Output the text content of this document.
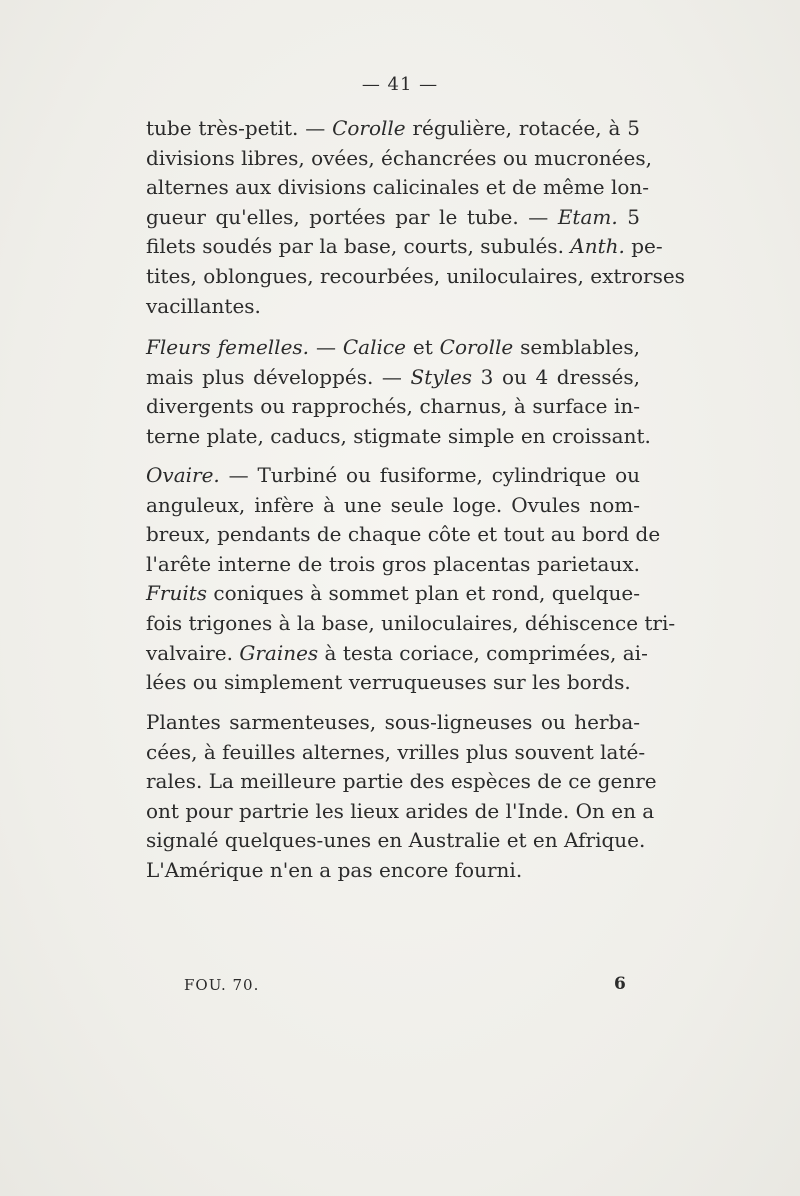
— 41 —
tube très-petit. — Corolle régulière, rotacée, à 5
divisions libres, ovées, échancrées ou mucronées,
alternes aux divisions calicinales et de même lon-
gueur qu'elles, portées par le tube. — Etam. 5
filets soudés par la base, courts, subulés. Anth. pe-
tites, oblongues, recourbées, uniloculaires, extrorses
vacillantes.
Fleurs femelles. — Calice et Corolle semblables,
mais plus développés. — Styles 3 ou 4 dressés,
divergents ou rapprochés, charnus, à surface in-
terne plate, caducs, stigmate simple en croissant.
Ovaire. — Turbiné ou fusiforme, cylindrique ou
anguleux, infère à une seule loge. Ovules nom-
breux, pendants de chaque côte et tout au bord de
l'arête interne de trois gros placentas parietaux.
Fruits coniques à sommet plan et rond, quelque-
fois trigones à la base, uniloculaires, déhiscence tri-
valvaire. Graines à testa coriace, comprimées, ai-
lées ou simplement verruqueuses sur les bords.
Plantes sarmenteuses, sous-ligneuses ou herba-
cées, à feuilles alternes, vrilles plus souvent laté-
rales. La meilleure partie des espèces de ce genre
ont pour partrie les lieux arides de l'Inde. On en a
signalé quelques-unes en Australie et en Afrique.
L'Amérique n'en a pas encore fourni.
FOU. 70.	6
